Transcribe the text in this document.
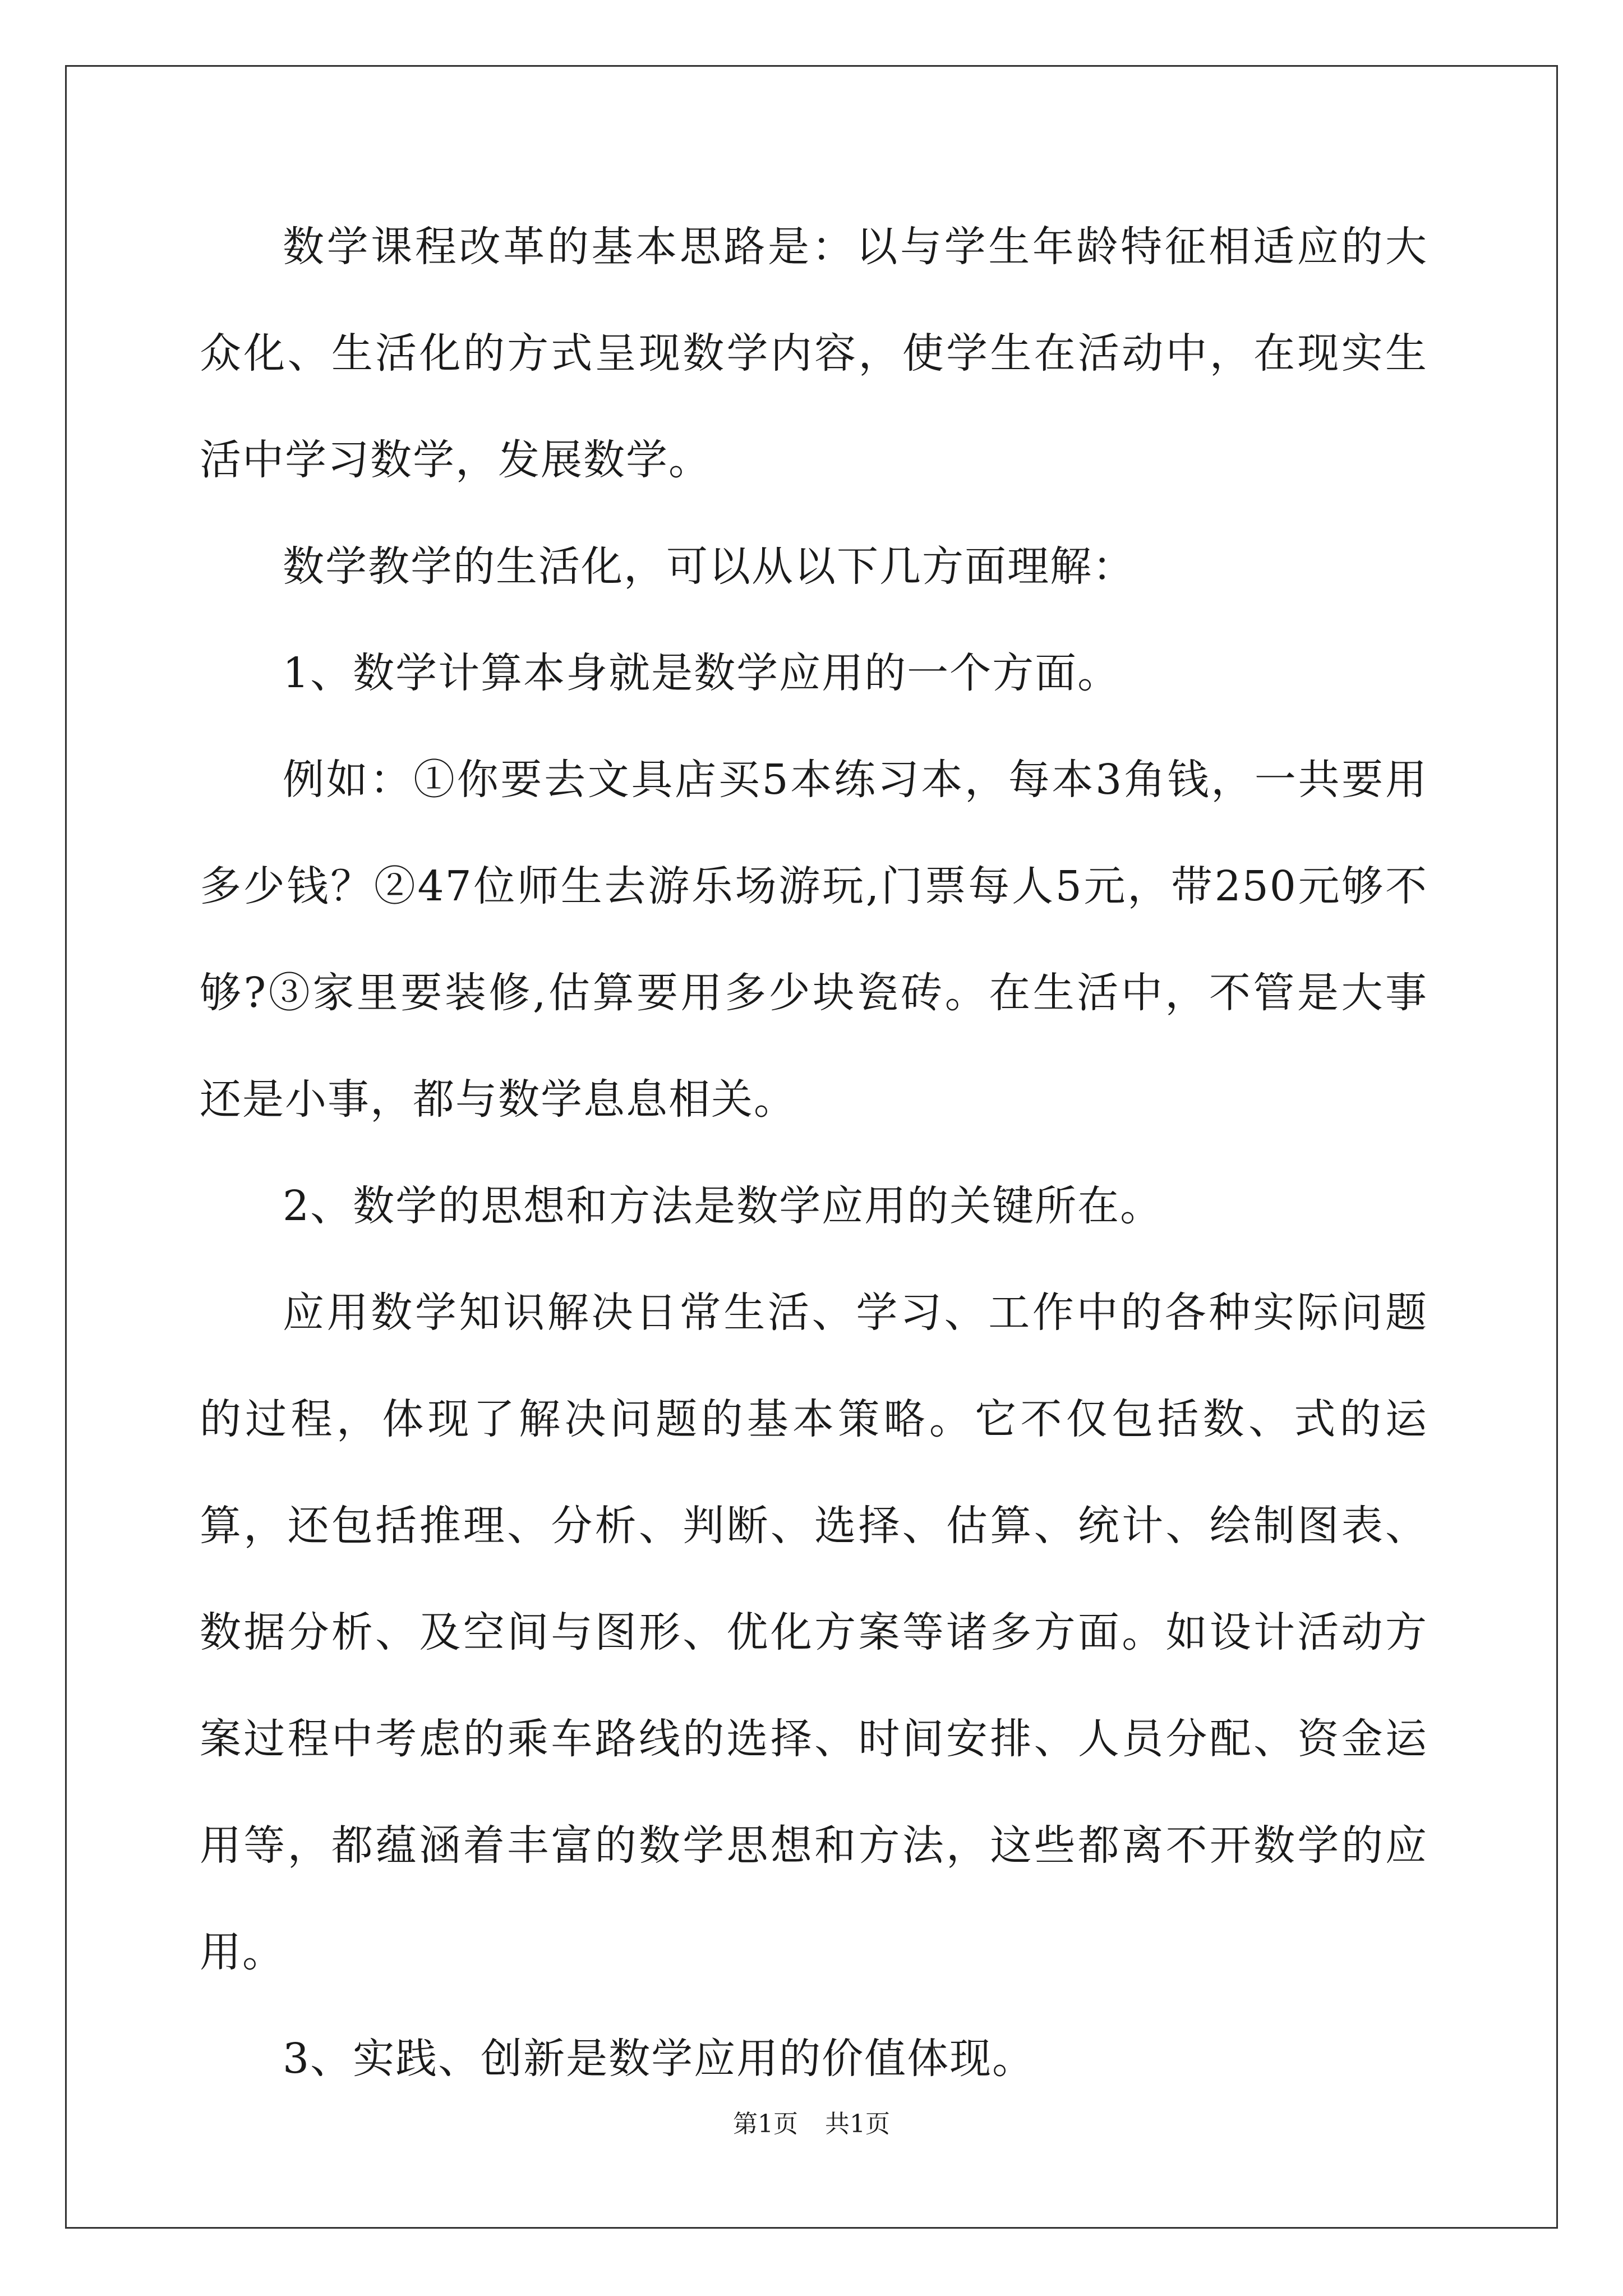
数学课程改革的基本思路是：以与学生年龄特征相适应的大众化、生活化的方式呈现数学内容，使学生在活动中，在现实生活中学习数学，发展数学。

数学教学的生活化，可以从以下几方面理解：

1、数学计算本身就是数学应用的一个方面。

例如：①你要去文具店买5本练习本，每本3角钱，一共要用多少钱？②47位师生去游乐场游玩,门票每人5元，带250元够不够?③家里要装修,估算要用多少块瓷砖。在生活中，不管是大事还是小事，都与数学息息相关。

2、数学的思想和方法是数学应用的关键所在。

应用数学知识解决日常生活、学习、工作中的各种实际问题的过程，体现了解决问题的基本策略。它不仅包括数、式的运算，还包括推理、分析、判断、选择、估算、统计、绘制图表、数据分析、及空间与图形、优化方案等诸多方面。如设计活动方案过程中考虑的乘车路线的选择、时间安排、人员分配、资金运用等，都蕴涵着丰富的数学思想和方法，这些都离不开数学的应用。

3、实践、创新是数学应用的价值体现。

第1页 共1页
